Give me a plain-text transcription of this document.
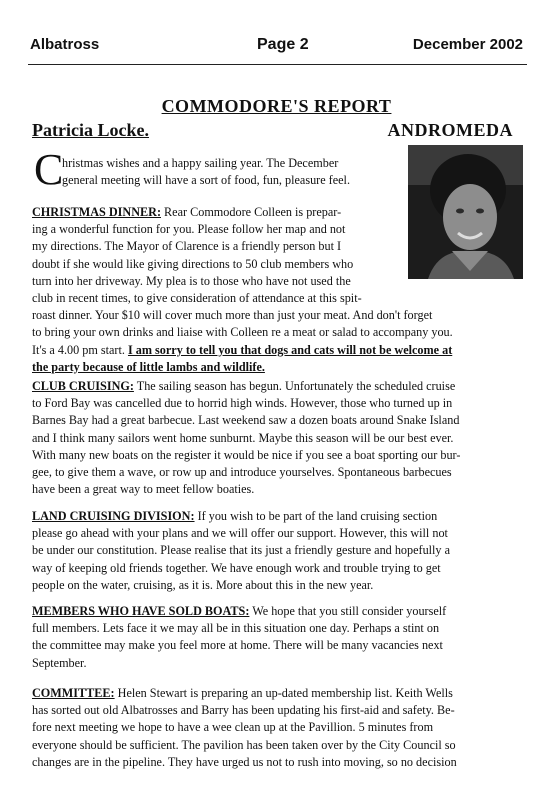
Albatross	Page 2	December 2002
COMMODORE'S REPORT
Patricia Locke.	ANDROMEDA
C
hristmas wishes and a happy sailing year. The December
general meeting will have a sort of food, fun, pleasure feel.
CHRISTMAS DINNER: Rear Commodore Colleen is prepar-
ing a wonderful function for you. Please follow her map and not
my directions. The Mayor of Clarence is a friendly person but I
doubt if she would like giving directions to 50 club members who
turn into her driveway. My plea is to those who have not used the
club in recent times, to give consideration of attendance at this spit-
roast dinner. Your $10 will cover much more than just your meat. And don't forget
to bring your own drinks and liaise with Colleen re a meat or salad to accompany you.
It's a 4.00 pm start. I am sorry to tell you that dogs and cats will not be welcome at
the party because of little lambs and wildlife.
CLUB CRUISING: The sailing season has begun. Unfortunately the scheduled cruise
to Ford Bay was cancelled due to horrid high winds. However, those who turned up in
Barnes Bay had a great barbecue. Last weekend saw a dozen boats around Snake Island
and I think many sailors went home sunburnt. Maybe this season will be our best ever.
With many new boats on the register it would be nice if you see a boat sporting our bur-
gee, to give them a wave, or row up and introduce yourselves. Spontaneous barbecues
have been a great way to meet fellow boaties.
LAND CRUISING DIVISION: If you wish to be part of the land cruising section
please go ahead with your plans and we will offer our support. However, this will not
be under our constitution. Please realise that its just a friendly gesture and hopefully a
way of keeping old friends together. We have enough work and trouble trying to get
people on the water, cruising, as it is. More about this in the new year.
MEMBERS WHO HAVE SOLD BOATS: We hope that you still consider yourself
full members. Lets face it we may all be in this situation one day. Perhaps a stint on
the committee may make you feel more at home. There will be many vacancies next
September.
COMMITTEE: Helen Stewart is preparing an up-dated membership list. Keith Wells
has sorted out old Albatrosses and Barry has been updating his first-aid and safety. Be-
fore next meeting we hope to have a wee clean up at the Pavillion. 5 minutes from
everyone should be sufficient. The pavilion has been taken over by the City Council so
changes are in the pipeline. They have urged us not to rush into moving, so no decision
